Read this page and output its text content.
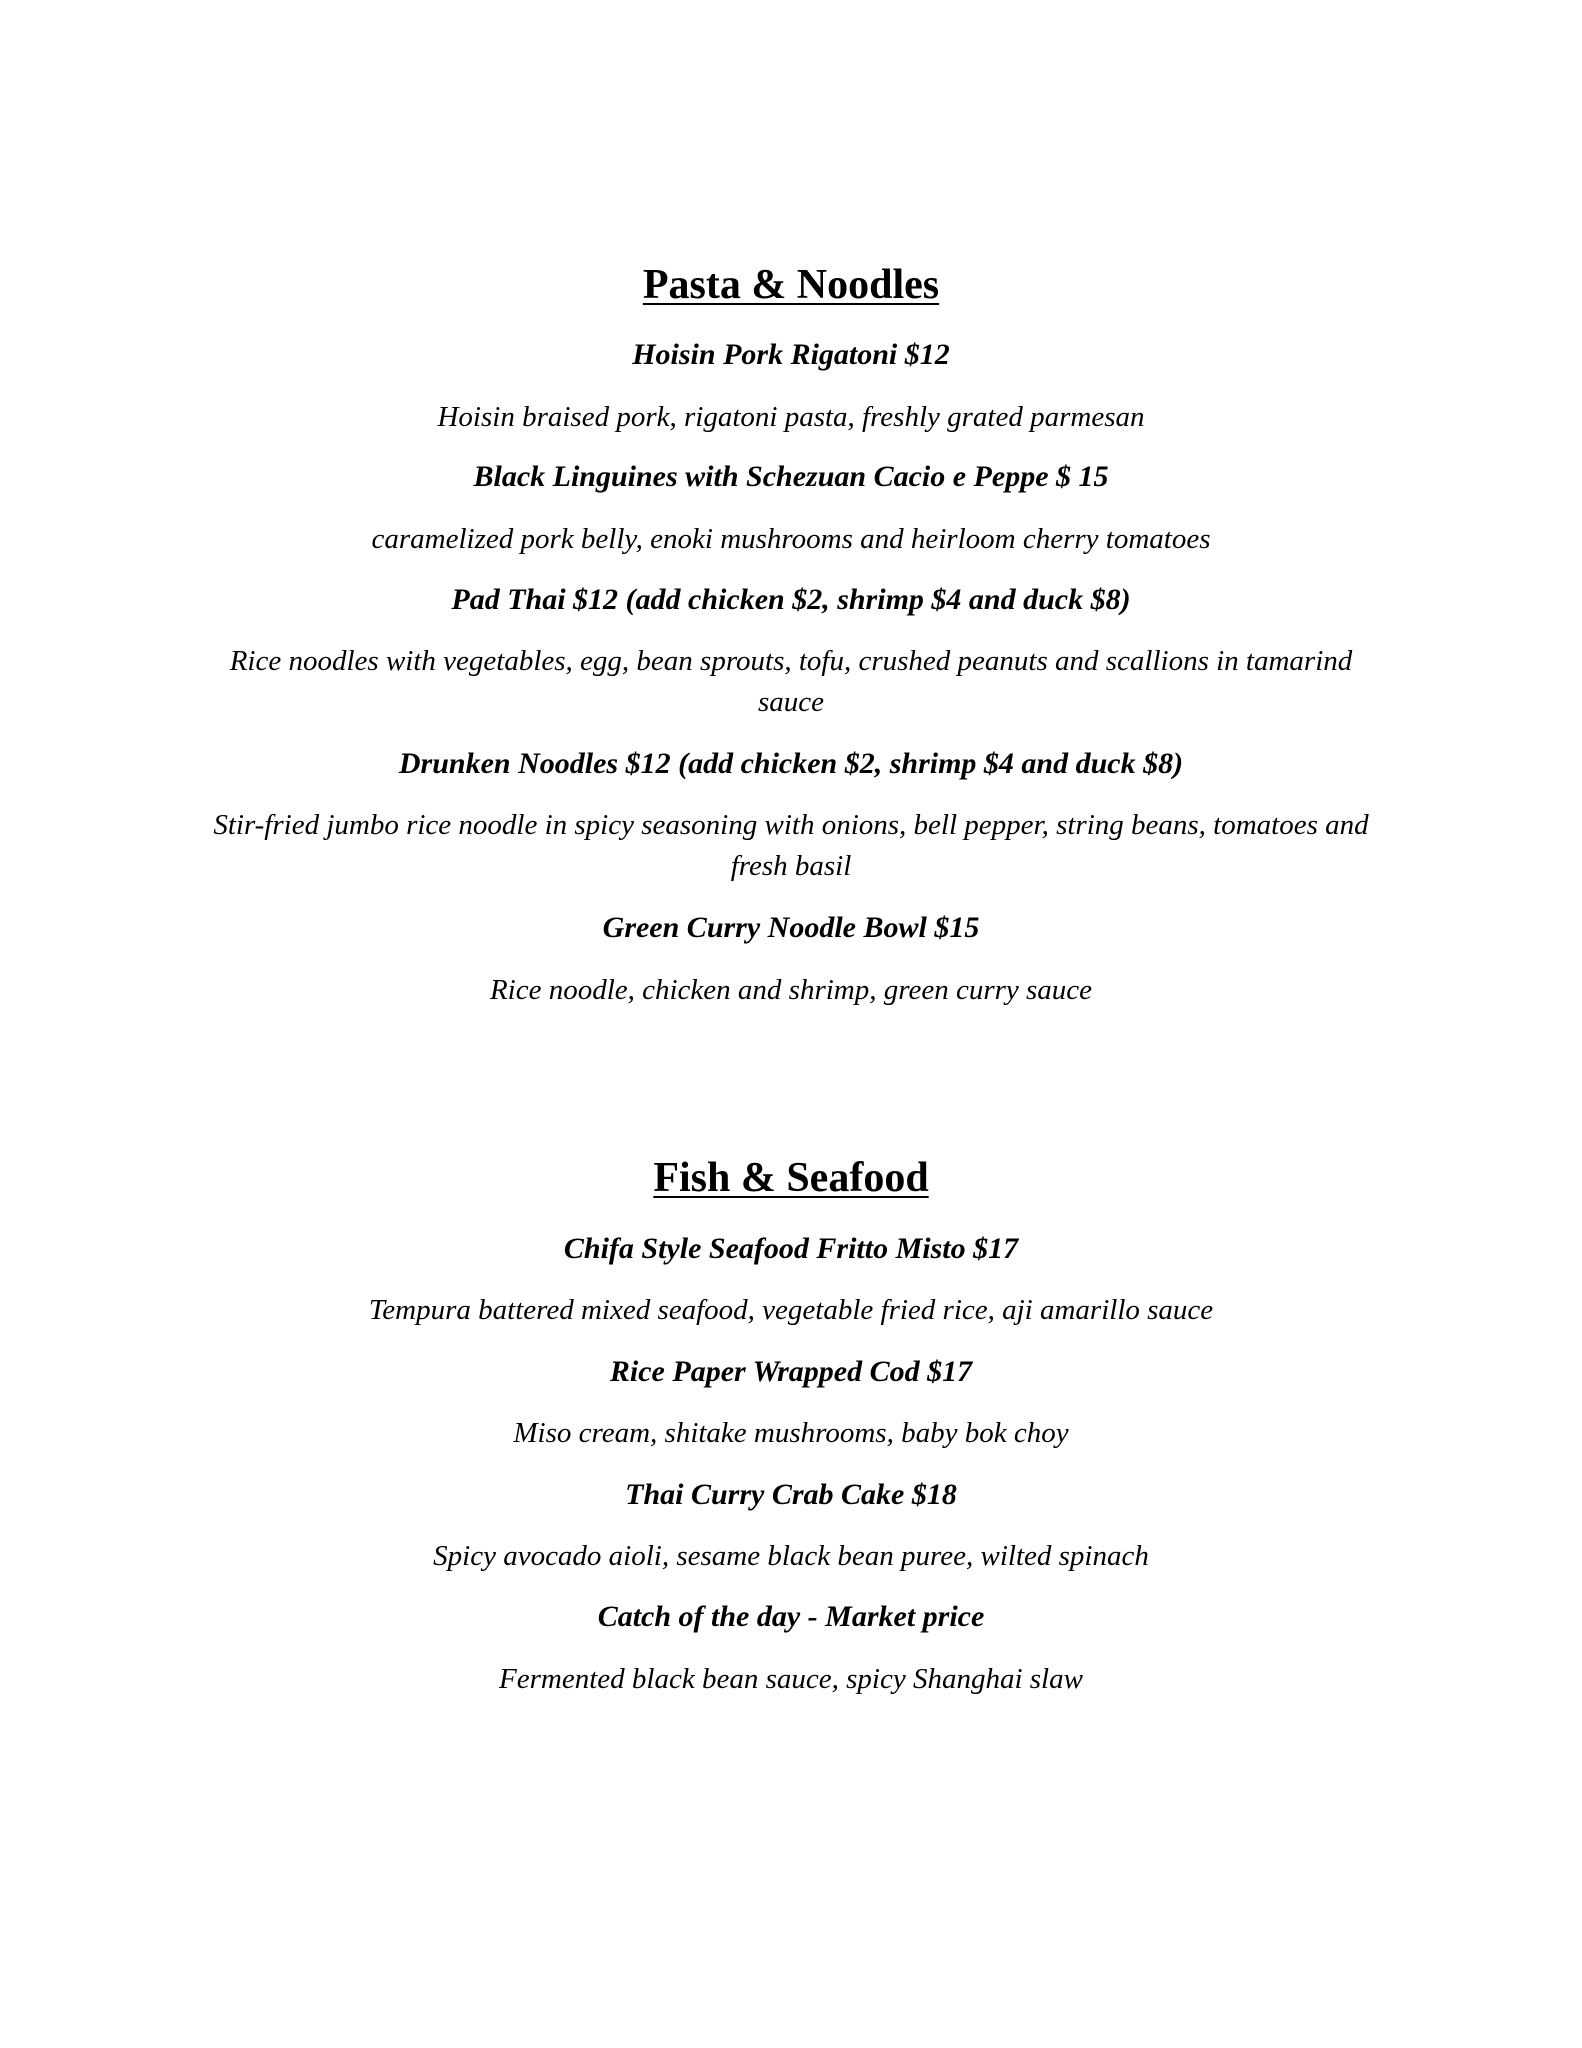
Pasta & Noodles

Hoisin Pork Rigatoni $12

Hoisin braised pork, rigatoni pasta, freshly grated parmesan

Black Linguines with Schezuan Cacio e Peppe $ 15

caramelized pork belly, enoki mushrooms and heirloom cherry tomatoes

Pad Thai $12 (add chicken $2, shrimp $4 and duck $8)

Rice noodles with vegetables, egg, bean sprouts, tofu, crushed peanuts and scallions in tamarind sauce

Drunken Noodles $12 (add chicken $2, shrimp $4 and duck $8)

Stir-fried jumbo rice noodle in spicy seasoning with onions, bell pepper, string beans, tomatoes and fresh basil

Green Curry Noodle Bowl $15

Rice noodle, chicken and shrimp, green curry sauce

Fish & Seafood

Chifa Style Seafood Fritto Misto $17

Tempura battered mixed seafood, vegetable fried rice, aji amarillo sauce

Rice Paper Wrapped Cod $17

Miso cream, shitake mushrooms, baby bok choy

Thai Curry Crab Cake $18

Spicy avocado aioli, sesame black bean puree, wilted spinach

Catch of the day - Market price

Fermented black bean sauce, spicy Shanghai slaw
